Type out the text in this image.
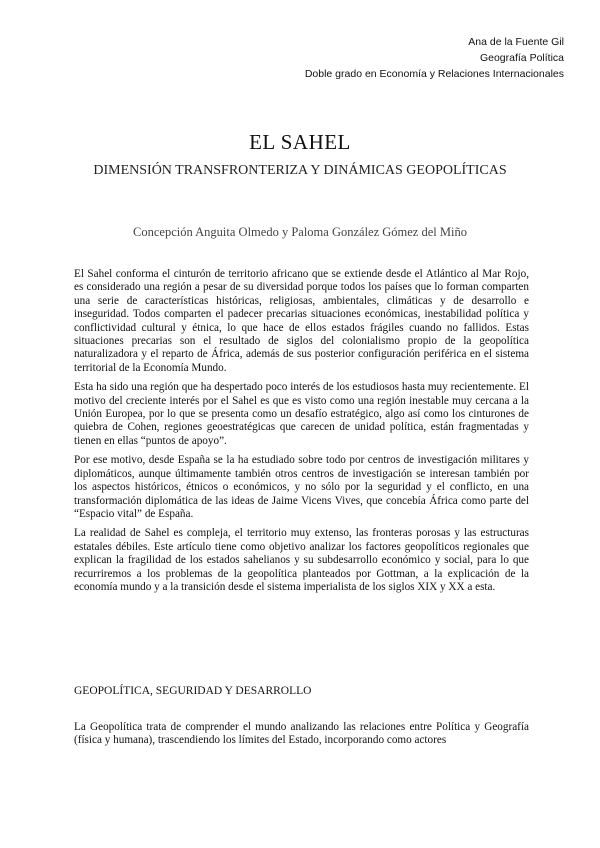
Ana de la Fuente Gil
Geografía Política
Doble grado en Economía y Relaciones Internacionales
EL SAHEL
DIMENSIÓN TRANSFRONTERIZA Y DINÁMICAS GEOPOLÍTICAS
Concepción Anguita Olmedo y Paloma González Gómez del Miño

El Sahel conforma el cinturón de territorio africano que se extiende desde el Atlántico al Mar Rojo, es considerado una región a pesar de su diversidad porque todos los países que lo forman comparten una serie de características históricas, religiosas, ambientales, climáticas y de desarrollo e inseguridad. Todos comparten el padecer precarias situaciones económicas, inestabilidad política y conflictividad cultural y étnica, lo que hace de ellos estados frágiles cuando no fallidos. Estas situaciones precarias son el resultado de siglos del colonialismo propio de la geopolítica naturalizadora y el reparto de África, además de sus posterior configuración periférica en el sistema territorial de la Economía Mundo.

Esta ha sido una región que ha despertado poco interés de los estudiosos hasta muy recientemente. El motivo del creciente interés por el Sahel es que es visto como una región inestable muy cercana a la Unión Europea, por lo que se presenta como un desafío estratégico, algo así como los cinturones de quiebra de Cohen, regiones geoestratégicas que carecen de unidad política, están fragmentadas y tienen en ellas “puntos de apoyo”.

Por ese motivo, desde España se la ha estudiado sobre todo por centros de investigación militares y diplomáticos, aunque últimamente también otros centros de investigación se interesan también por los aspectos históricos, étnicos o económicos, y no sólo por la seguridad y el conflicto, en una transformación diplomática de las ideas de Jaime Vicens Vives, que concebía África como parte del “Espacio vital” de España.

La realidad de Sahel es compleja, el territorio muy extenso, las fronteras porosas y las estructuras estatales débiles. Este artículo tiene como objetivo analizar los factores geopolíticos regionales que explican la fragilidad de los estados sahelianos y su subdesarrollo económico y social, para lo que recurriremos a los problemas de la geopolítica planteados por Gottman, a la explicación de la economía mundo y a la transición desde el sistema imperialista de los siglos XIX y XX a esta.

GEOPOLÍTICA, SEGURIDAD Y DESARROLLO

La Geopolítica trata de comprender el mundo analizando las relaciones entre Política y Geografía (física y humana), trascendiendo los límites del Estado, incorporando como actores
